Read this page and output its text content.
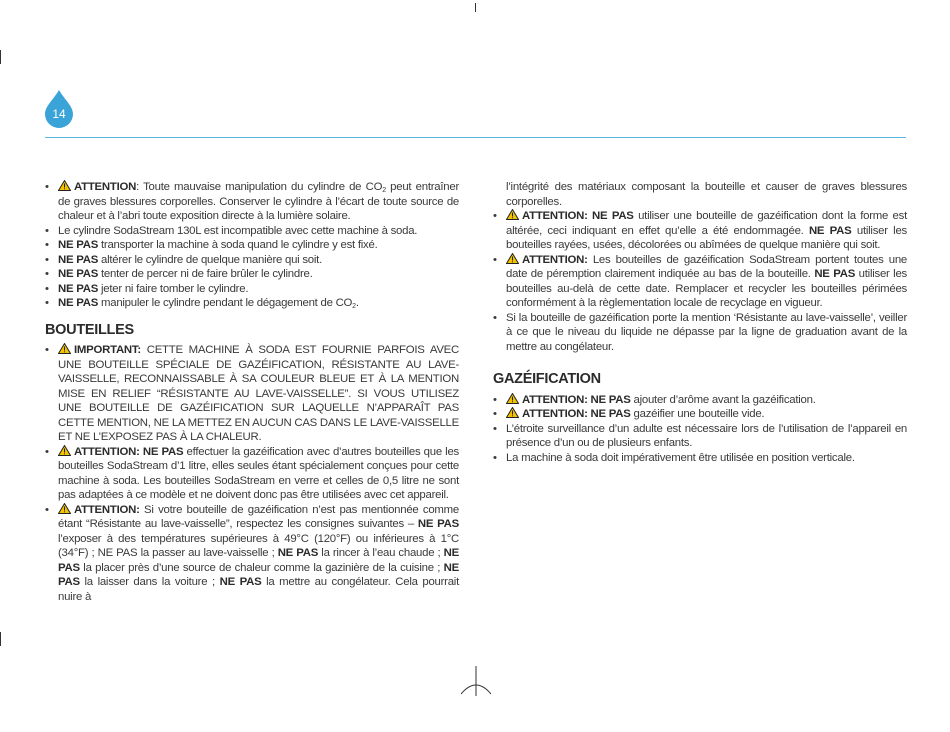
14
• ATTENTION: Toute mauvaise manipulation du cylindre de $CO_2$ peut entraîner de graves blessures corporelles. Conserver le cylindre à l’écart de toute source de chaleur et à l’abri toute exposition directe à la lumière solaire.
• Le cylindre SodaStream 130L est incompatible avec cette machine à soda.
• NE PAS transporter la machine à soda quand le cylindre y est fixé.
• NE PAS altérer le cylindre de quelque manière qui soit.
• NE PAS tenter de percer ni de faire brûler le cylindre.
• NE PAS jeter ni faire tomber le cylindre.
• NE PAS manipuler le cylindre pendant le dégagement de $CO_2$.
BOUTEILLES
• IMPORTANT: CETTE MACHINE À SODA EST FOURNIE PARFOIS AVEC UNE BOUTEILLE SPÉCIALE DE GAZÉIFICATION, RÉSISTANTE AU LAVE-VAISSELLE, RECONNAISSABLE À SA COULEUR BLEUE ET À LA MENTION MISE EN RELIEF “RÉSISTANTE AU LAVE-VAISSELLE”. SI VOUS UTILISEZ UNE BOUTEILLE DE GAZÉIFICATION SUR LAQUELLE N’APPARAÎT PAS CETTE MENTION, NE LA METTEZ EN AUCUN CAS DANS LE LAVE-VAISSELLE ET NE L’EXPOSEZ PAS À LA CHALEUR.
• ATTENTION: NE PAS effectuer la gazéification avec d’autres bouteilles que les bouteilles SodaStream d’1 litre, elles seules étant spécialement conçues pour cette machine à soda. Les bouteilles SodaStream en verre et celles de 0,5 litre ne sont pas adaptées à ce modèle et ne doivent donc pas être utilisées avec cet appareil.
• ATTENTION: Si votre bouteille de gazéification n’est pas mentionnée comme étant “Résistante au lave-vaisselle”, respectez les consignes suivantes – NE PAS l’exposer à des températures supérieures à 49°C (120°F) ou inférieures à 1°C (34°F) ; NE PAS la passer au lave-vaisselle ; NE PAS la rincer à l’eau chaude ; NE PAS la placer près d’une source de chaleur comme la gazinière de la cuisine ; NE PAS la laisser dans la voiture ; NE PAS la mettre au congélateur. Cela pourrait nuire à
l’intégrité des matériaux composant la bouteille et causer de graves blessures corporelles.
• ATTENTION: NE PAS utiliser une bouteille de gazéification dont la forme est altérée, ceci indiquant en effet qu’elle a été endommagée. NE PAS utiliser les bouteilles rayées, usées, décolorées ou abîmées de quelque manière qui soit.
• ATTENTION: Les bouteilles de gazéification SodaStream portent toutes une date de péremption clairement indiquée au bas de la bouteille. NE PAS utiliser les bouteilles au-delà de cette date. Remplacer et recycler les bouteilles périmées conformément à la règlementation locale de recyclage en vigueur.
• Si la bouteille de gazéification porte la mention ‘Résistante au lave-vaisselle’, veiller à ce que le niveau du liquide ne dépasse par la ligne de graduation avant de la mettre au congélateur.
GAZÉIFICATION
• ATTENTION: NE PAS ajouter d’arôme avant la gazéification.
• ATTENTION: NE PAS gazéifier une bouteille vide.
• L’étroite surveillance d’un adulte est nécessaire lors de l’utilisation de l’appareil en présence d’un ou de plusieurs enfants.
• La machine à soda doit impérativement être utilisée en position verticale.
